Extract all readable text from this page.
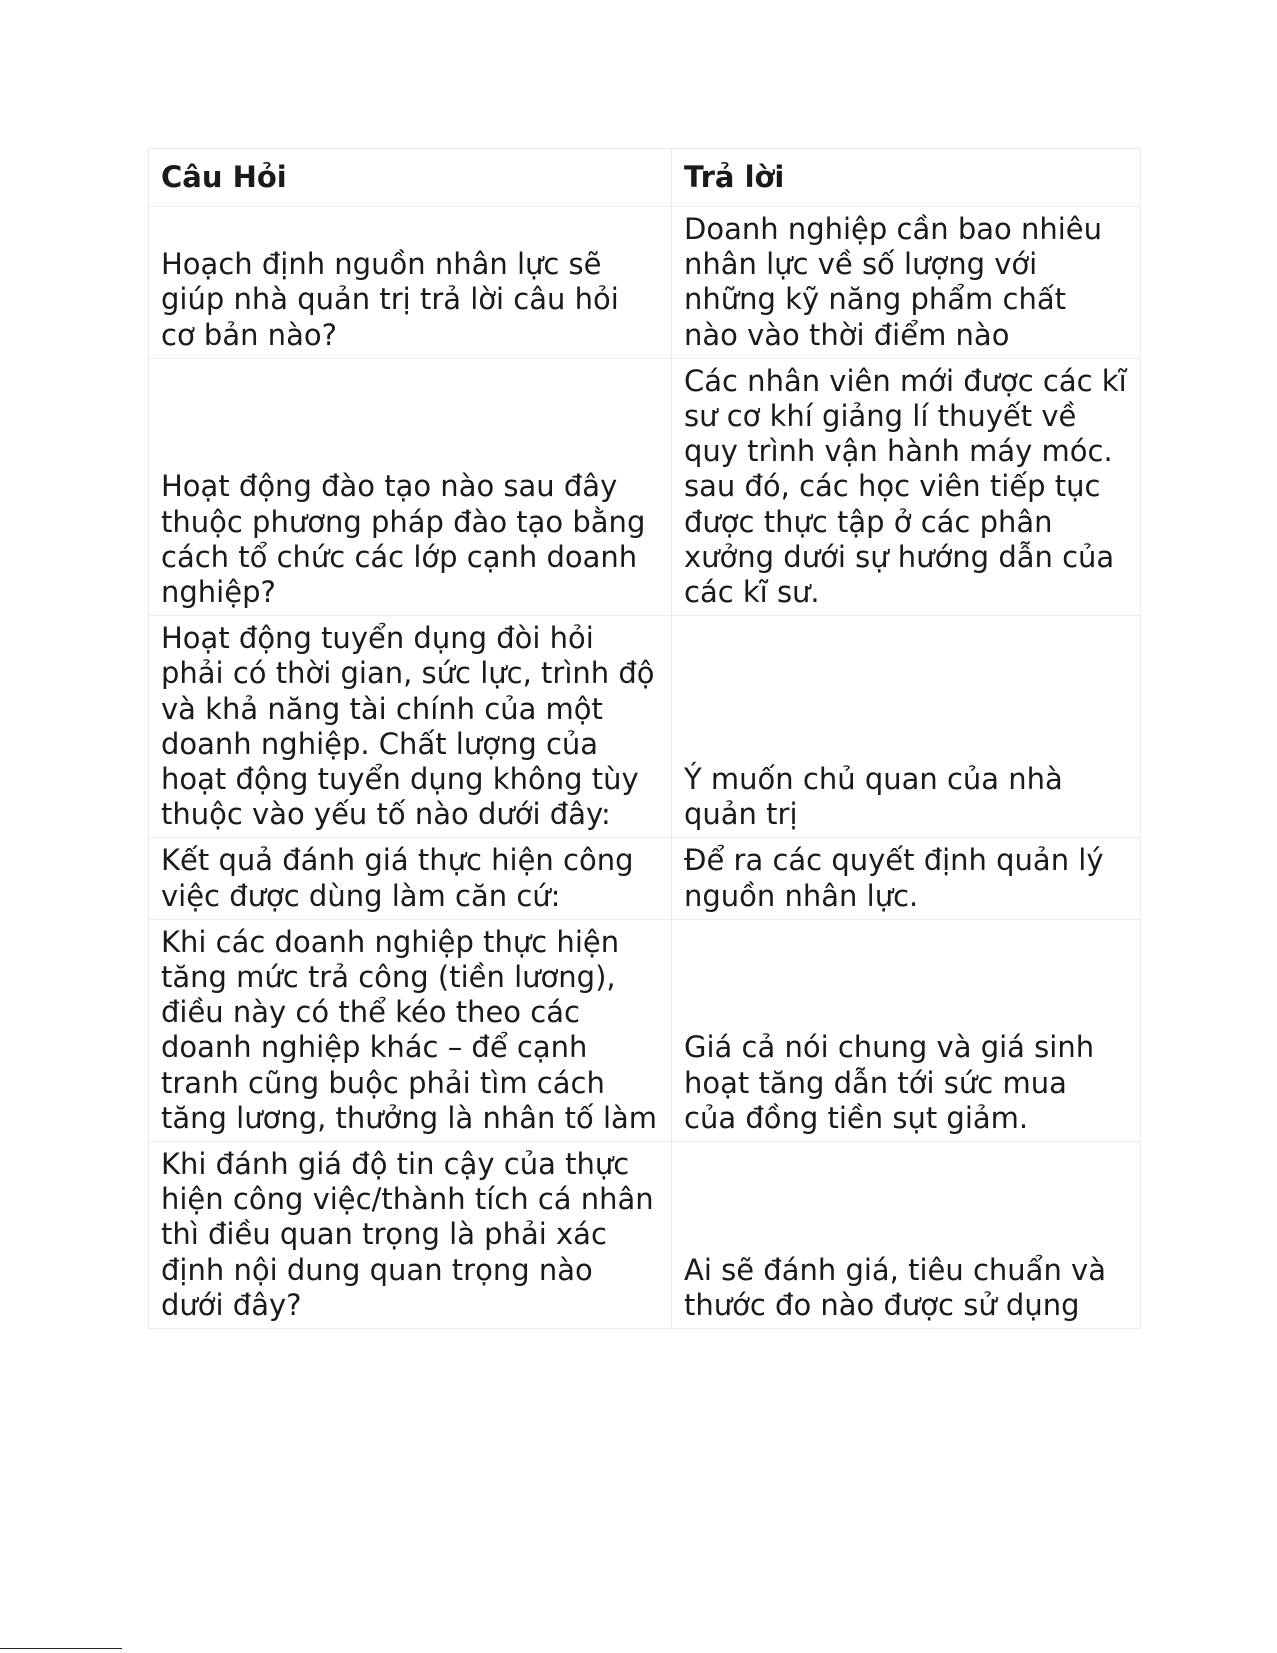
Câu Hỏi	Trả lời

Hoạch định nguồn nhân lực sẽ giúp nhà quản trị trả lời câu hỏi cơ bản nào?	Doanh nghiệp cần bao nhiêu nhân lực về số lượng với những kỹ năng phẩm chất nào vào thời điểm nào

Hoạt động đào tạo nào sau đây thuộc phương pháp đào tạo bằng cách tổ chức các lớp cạnh doanh nghiệp?	Các nhân viên mới được các kĩ sư cơ khí giảng lí thuyết về quy trình vận hành máy móc. sau đó, các học viên tiếp tục được thực tập ở các phân xưởng dưới sự hướng dẫn của các kĩ sư.

Hoạt động tuyển dụng đòi hỏi phải có thời gian, sức lực, trình độ và khả năng tài chính của một doanh nghiệp. Chất lượng của hoạt động tuyển dụng không tùy thuộc vào yếu tố nào dưới đây:	Ý muốn chủ quan của nhà quản trị

Kết quả đánh giá thực hiện công việc được dùng làm căn cứ:	Để ra các quyết định quản lý nguồn nhân lực.

Khi các doanh nghiệp thực hiện tăng mức trả công (tiền lương), điều này có thể kéo theo các doanh nghiệp khác – để cạnh tranh cũng buộc phải tìm cách tăng lương, thưởng là nhân tố làm	Giá cả nói chung và giá sinh hoạt tăng dẫn tới sức mua của đồng tiền sụt giảm.

Khi đánh giá độ tin cậy của thực hiện công việc/thành tích cá nhân thì điều quan trọng là phải xác định nội dung quan trọng nào dưới đây?	Ai sẽ đánh giá, tiêu chuẩn và thước đo nào được sử dụng
